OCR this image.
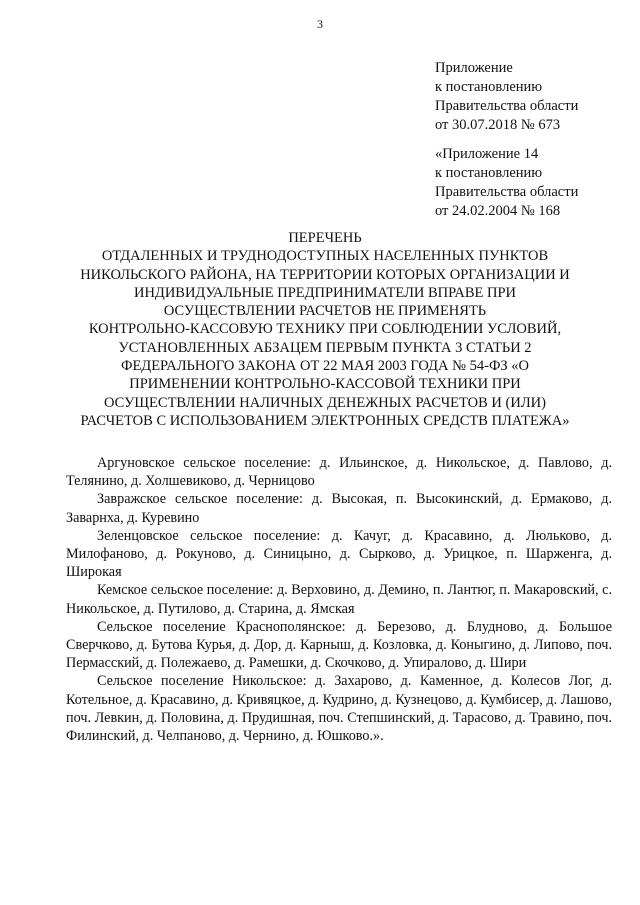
3
Приложение
к постановлению
Правительства области
от 30.07.2018 № 673
«Приложение 14
к постановлению
Правительства области
от 24.02.2004 № 168
ПЕРЕЧЕНЬ
ОТДАЛЕННЫХ И ТРУДНОДОСТУПНЫХ НАСЕЛЕННЫХ ПУНКТОВ
НИКОЛЬСКОГО РАЙОНА, НА ТЕРРИТОРИИ КОТОРЫХ ОРГАНИЗАЦИИ И
ИНДИВИДУАЛЬНЫЕ ПРЕДПРИНИМАТЕЛИ ВПРАВЕ ПРИ
ОСУЩЕСТВЛЕНИИ РАСЧЕТОВ НЕ ПРИМЕНЯТЬ
КОНТРОЛЬНО-КАССОВУЮ ТЕХНИКУ ПРИ СОБЛЮДЕНИИ УСЛОВИЙ,
УСТАНОВЛЕННЫХ АБЗАЦЕМ ПЕРВЫМ ПУНКТА 3 СТАТЬИ 2
ФЕДЕРАЛЬНОГО ЗАКОНА ОТ 22 МАЯ 2003 ГОДА № 54-ФЗ «О
ПРИМЕНЕНИИ КОНТРОЛЬНО-КАССОВОЙ ТЕХНИКИ ПРИ
ОСУЩЕСТВЛЕНИИ НАЛИЧНЫХ ДЕНЕЖНЫХ РАСЧЕТОВ И (ИЛИ)
РАСЧЕТОВ С ИСПОЛЬЗОВАНИЕМ ЭЛЕКТРОННЫХ СРЕДСТВ ПЛАТЕЖА»

Аргуновское сельское поселение: д. Ильинское, д. Никольское, д. Павлово, д. Телянино, д. Холшевиково, д. Черницово

Завражское сельское поселение: д. Высокая, п. Высокинский, д. Ермаково, д. Заварнха, д. Куревино

Зеленцовское сельское поселение: д. Качуг, д. Красавино, д. Люльково, д. Милофаново, д. Рокуново, д. Синицыно, д. Сырково, д. Урицкое, п. Шарженга, д. Широкая

Кемское сельское поселение: д. Верховино, д. Демино, п. Лантюг, п. Макаровский, с. Никольское, д. Путилово, д. Старина, д. Ямская

Сельское поселение Краснополянское: д. Березово, д. Блудново, д. Большое Сверчково, д. Бутова Курья, д. Дор, д. Карныш, д. Козловка, д. Коныгино, д. Липово, поч. Пермасский, д. Полежаево, д. Рамешки, д. Скочково, д. Упиралово, д. Шири

Сельское поселение Никольское: д. Захарово, д. Каменное, д. Колесов Лог, д. Котельное, д. Красавино, д. Кривяцкое, д. Кудрино, д. Кузнецово, д. Кумбисер, д. Лашово, поч. Левкин, д. Половина, д. Прудишная, поч. Степшинский, д. Тарасово, д. Травино, поч. Филинский, д. Челпаново, д. Чернино, д. Юшково.».
